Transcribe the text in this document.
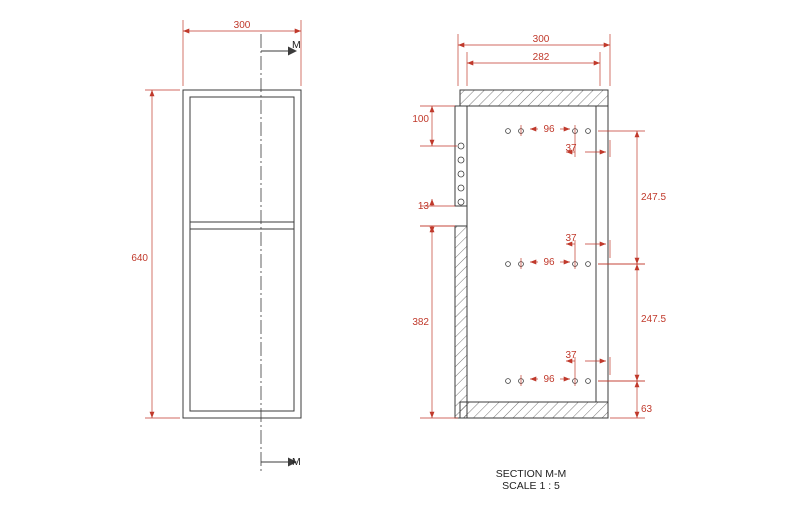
M
M
300
640
300
282
100
13
382
247.5
247.5
63
96
37
37
96
37
96
SECTION M-M
SCALE 1 : 5
